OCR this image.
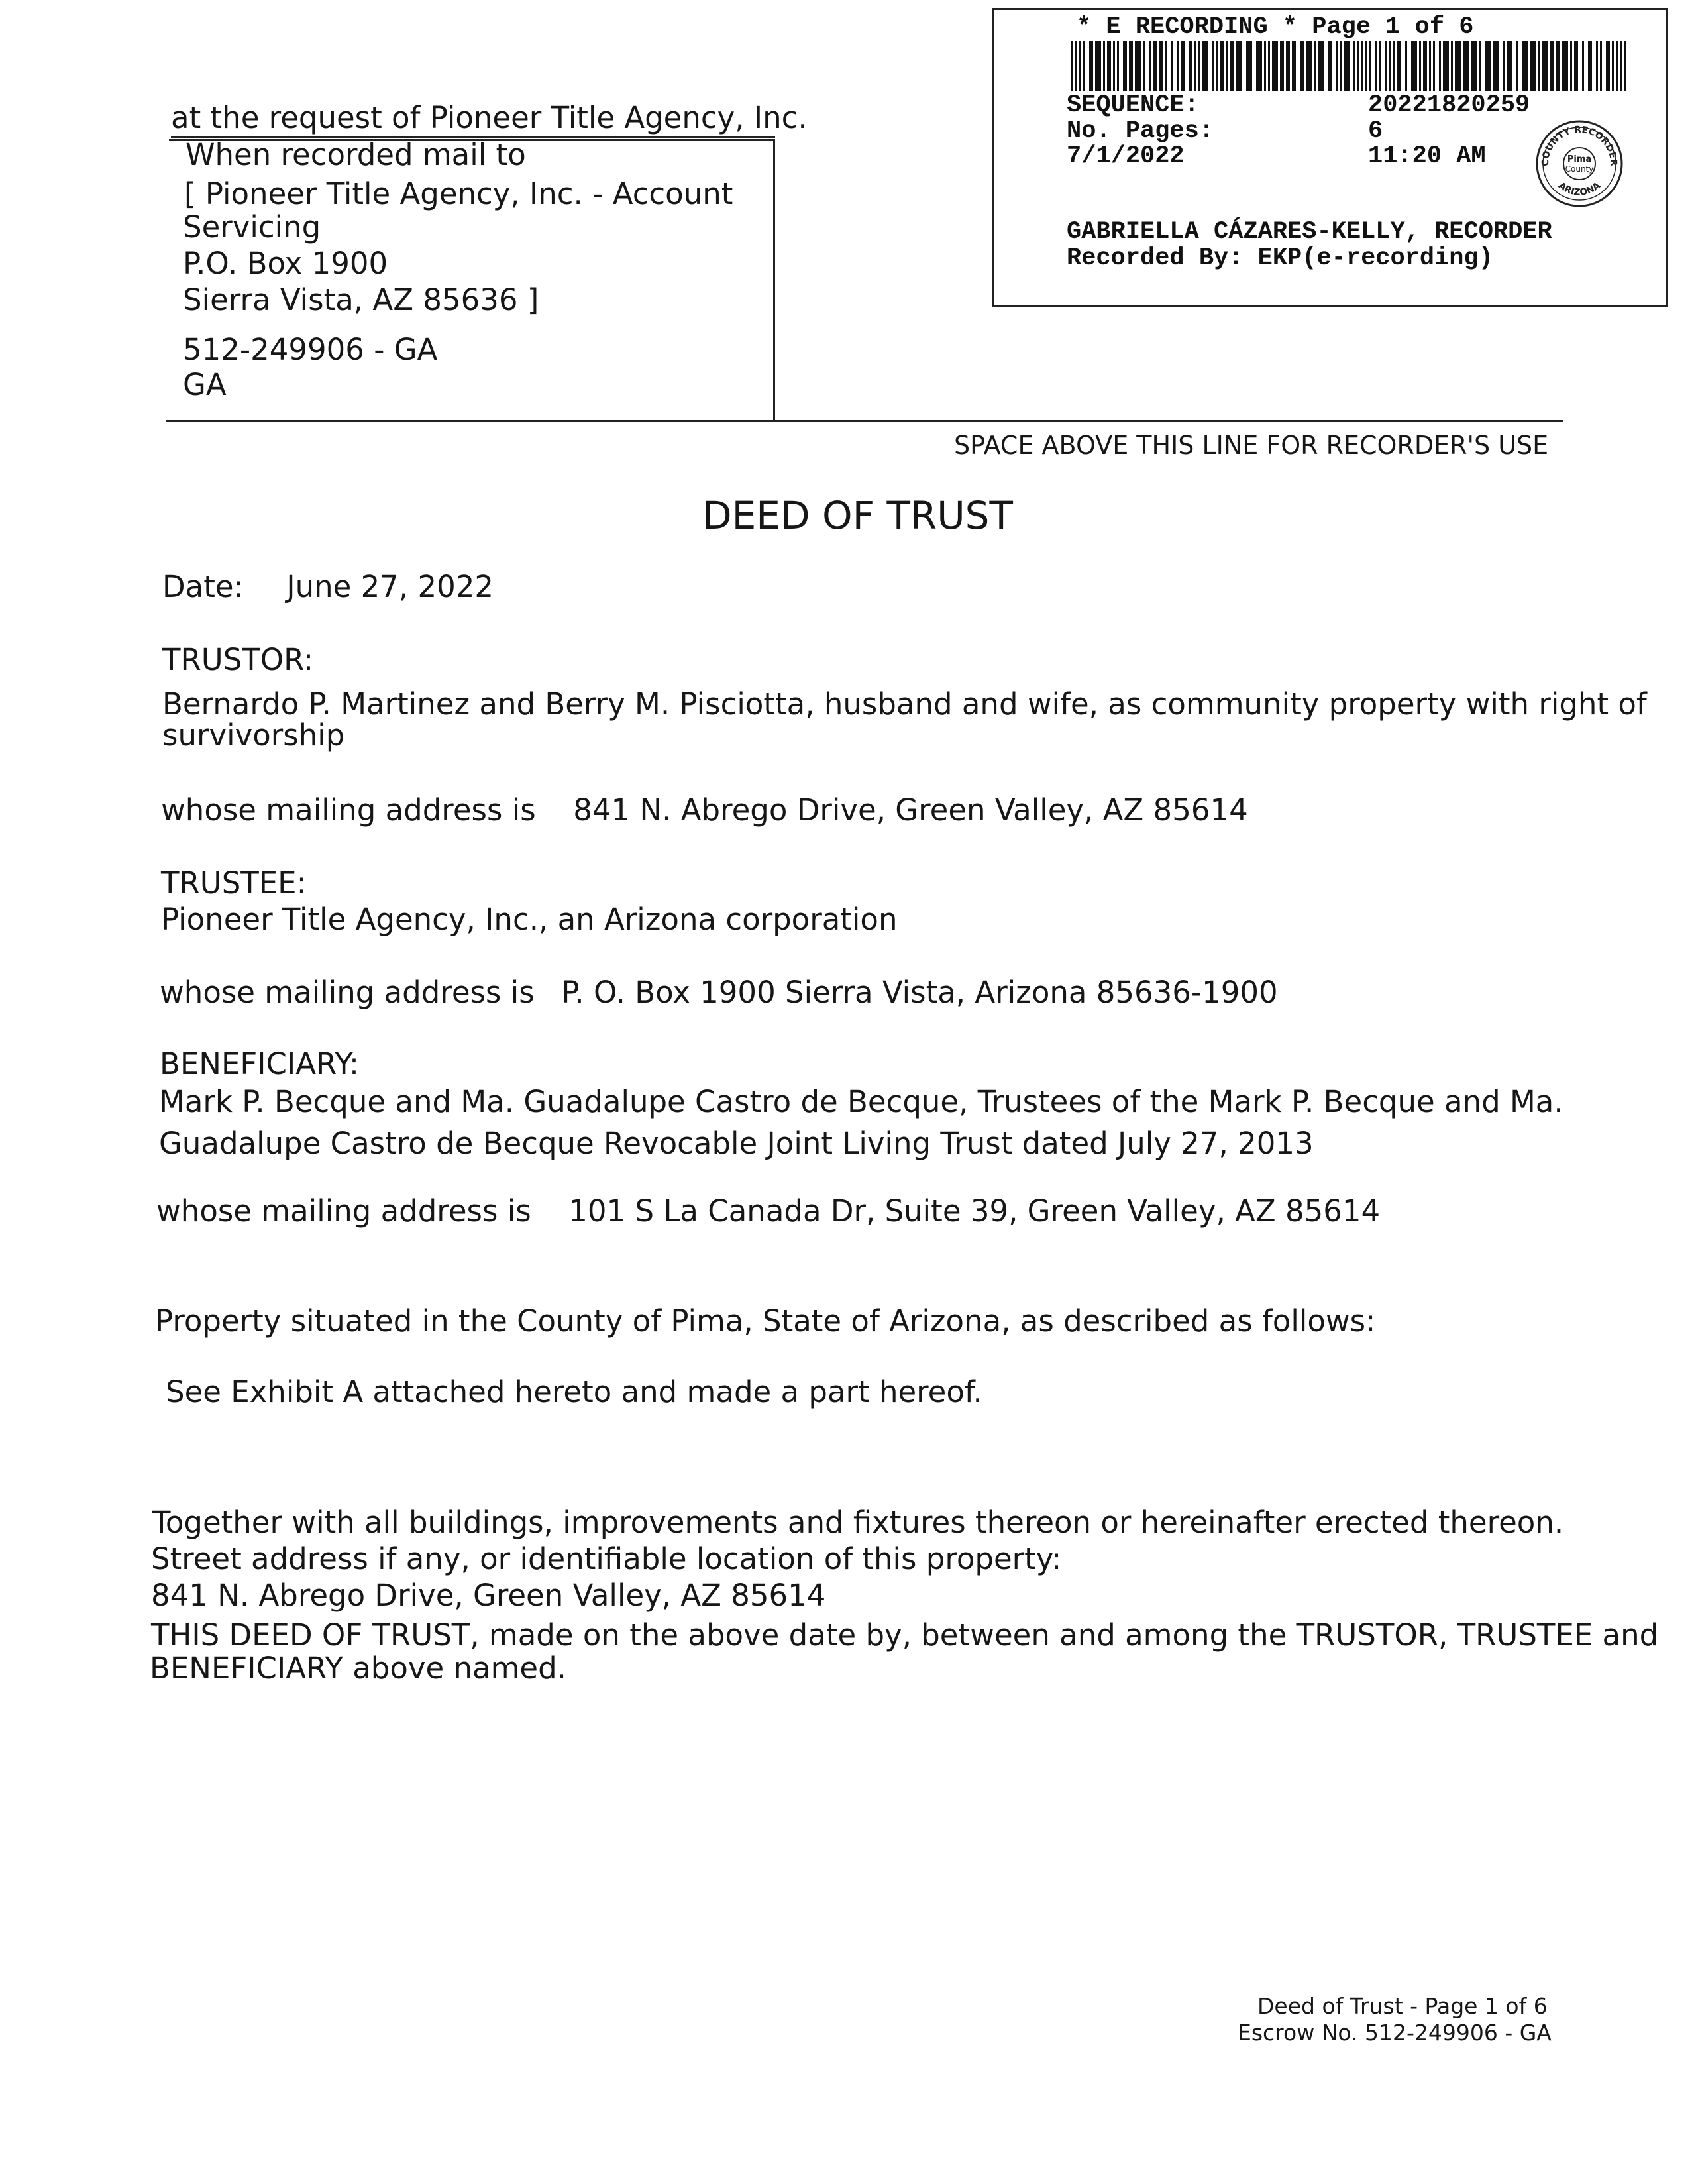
* E RECORDING * Page 1 of 6
SEQUENCE:	20221820259
No. Pages:	6
7/1/2022	11:20 AM
GABRIELLA CÁZARES-KELLY, RECORDER
Recorded By: EKP(e-recording)
COUNTY RECORDER
ARIZONA
Pima
County
at the request of Pioneer Title Agency, Inc.
When recorded mail to
[ Pioneer Title Agency, Inc. - Account
Servicing
P.O. Box 1900
Sierra Vista, AZ 85636 ]
512-249906 - GA
GA
SPACE ABOVE THIS LINE FOR RECORDER'S USE
DEED OF TRUST
Date: June 27, 2022
TRUSTOR:
Bernardo P. Martinez and Berry M. Pisciotta, husband and wife, as community property with right of
survivorship
whose mailing address is 841 N. Abrego Drive, Green Valley, AZ 85614
TRUSTEE:
Pioneer Title Agency, Inc., an Arizona corporation
whose mailing address is P. O. Box 1900 Sierra Vista, Arizona 85636-1900
BENEFICIARY:
Mark P. Becque and Ma. Guadalupe Castro de Becque, Trustees of the Mark P. Becque and Ma.
Guadalupe Castro de Becque Revocable Joint Living Trust dated July 27, 2013
whose mailing address is 101 S La Canada Dr, Suite 39, Green Valley, AZ 85614
Property situated in the County of Pima, State of Arizona, as described as follows:
See Exhibit A attached hereto and made a part hereof.
Together with all buildings, improvements and fixtures thereon or hereinafter erected thereon.
Street address if any, or identifiable location of this property:
841 N. Abrego Drive, Green Valley, AZ 85614
THIS DEED OF TRUST, made on the above date by, between and among the TRUSTOR, TRUSTEE and
BENEFICIARY above named.
Deed of Trust - Page 1 of 6
Escrow No. 512-249906 - GA
